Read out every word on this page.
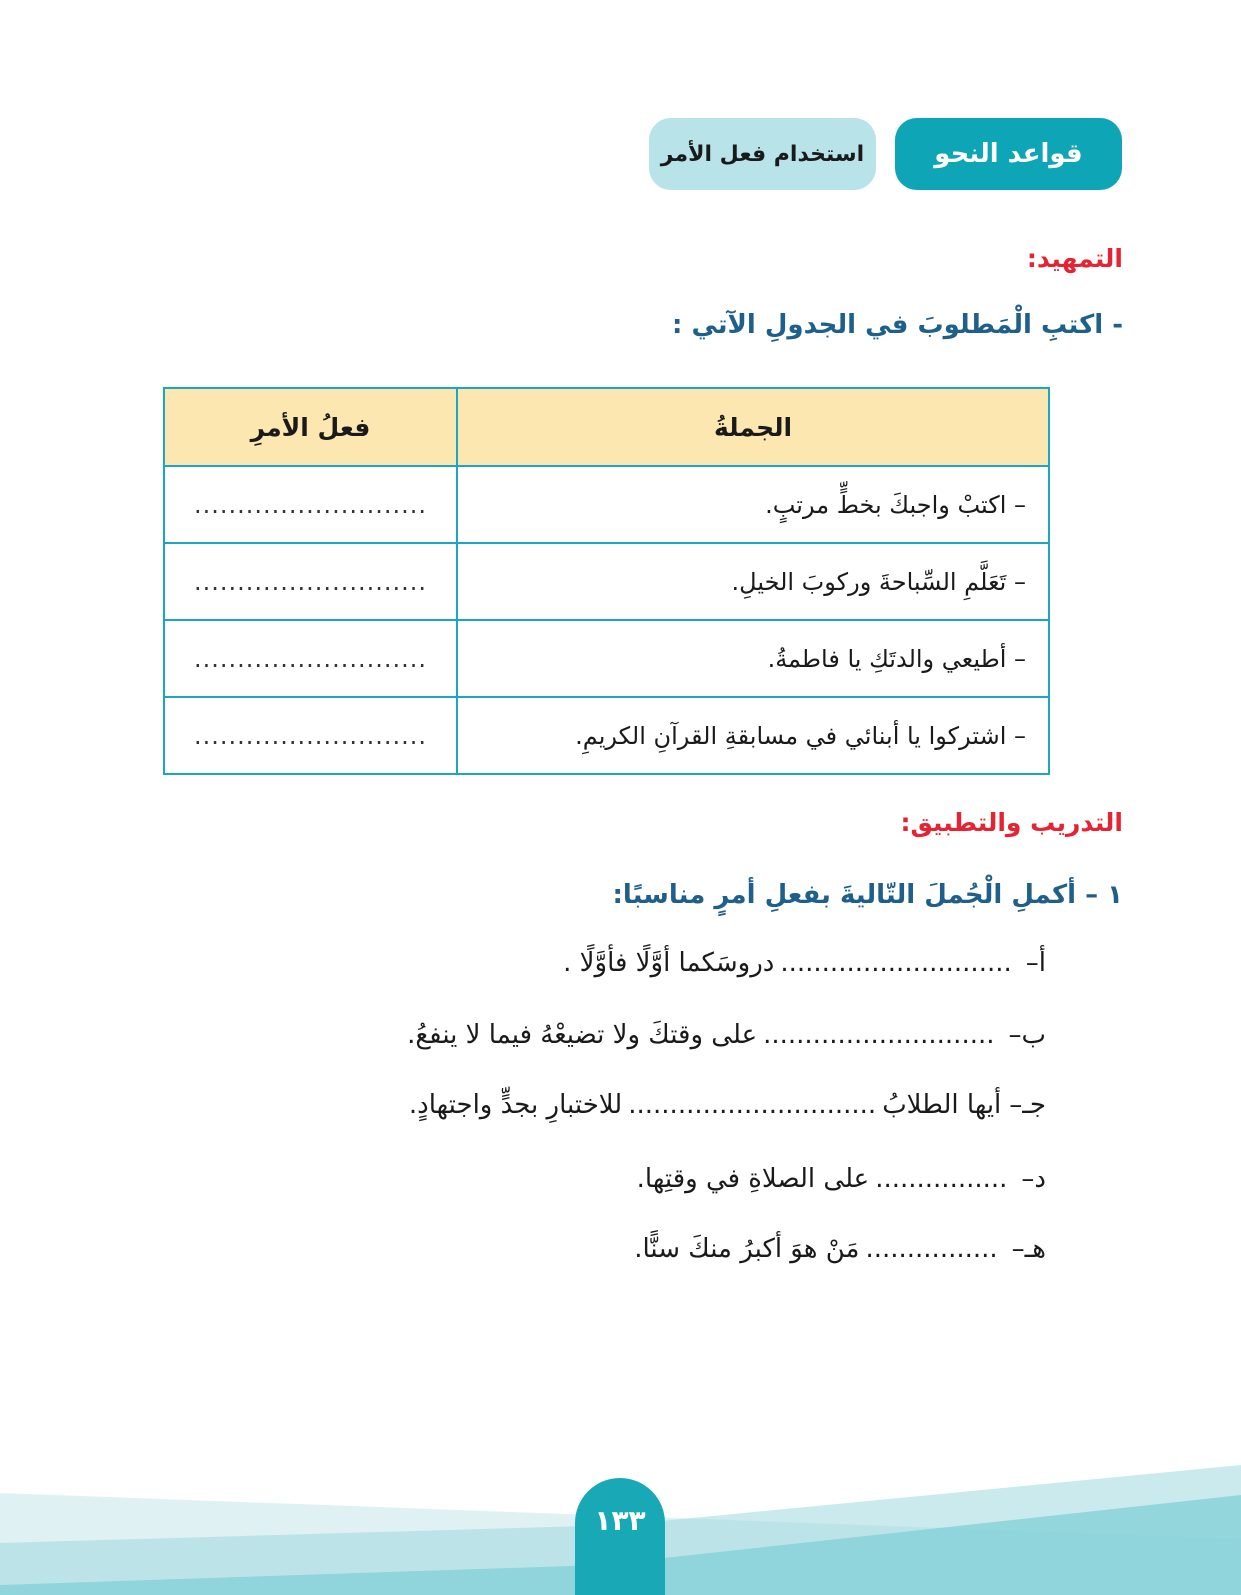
قواعد النحو
استخدام فعل الأمر
التمهيد:
- اكتبِ الْمَطلوبَ في الجدولِ الآتي :
الجملةُ	فعلُ الأمرِ
– اكتبْ واجبكَ بخطٍّ مرتبٍ.	...........................
– تَعَلَّمِ السِّباحةَ وركوبَ الخيلِ.	...........................
– أطيعي والدتَكِ يا فاطمةُ.	...........................
– اشتركوا يا أبنائي في مسابقةِ القرآنِ الكريمِ.	...........................
التدريب والتطبيق:
١ – أكملِ الْجُملَ التّاليةَ بفعلِ أمرٍ مناسبًا:
أ–............................دروسَكما أوَّلًا فأوَّلًا .
ب–............................على وقتكَ ولا تضيعْهُ فيما لا ينفعُ.
جـ–أيها الطلابُ..............................للاختبارِ بجدٍّ واجتهادٍ.
د–................على الصلاةِ في وقتِها.
هـ–................مَنْ هوَ أكبرُ منكَ سنًّا.
١٣٣
